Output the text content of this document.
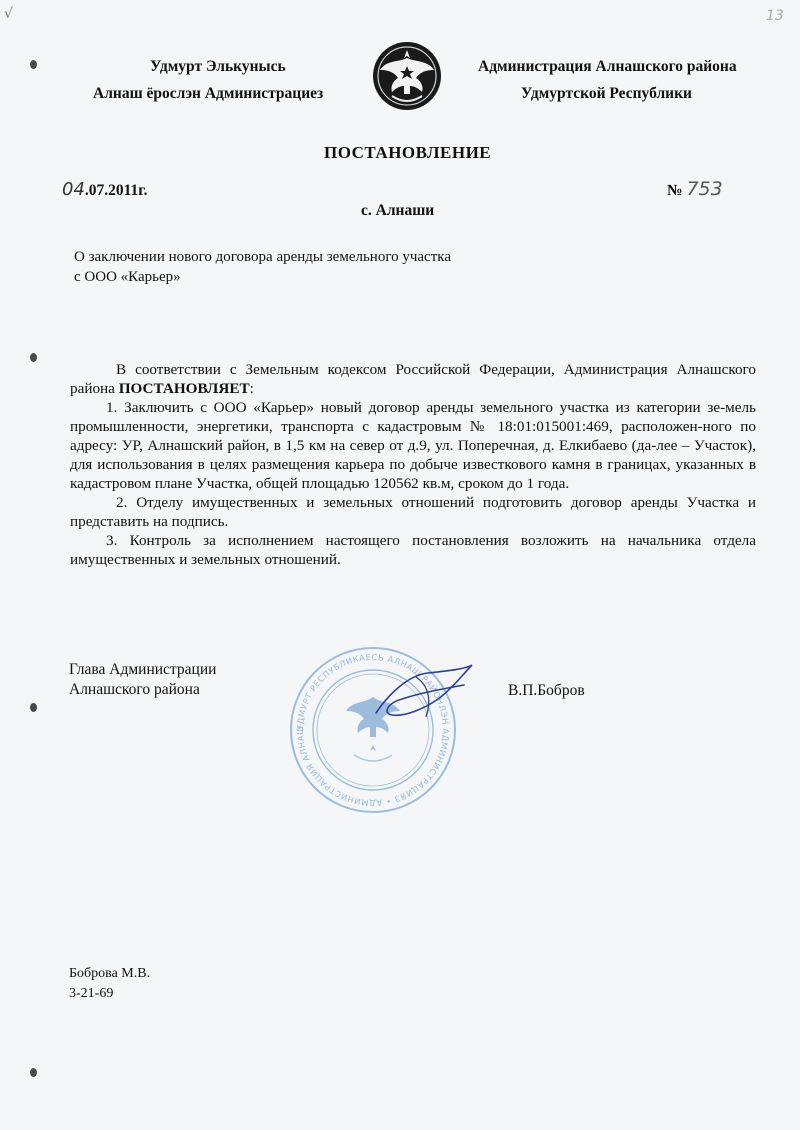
√	13
Удмурт Элькунысь
Алнаш ёрослэн Администрациез
Администрация Алнашского района
Удмуртской Республики
ПОСТАНОВЛЕНИЕ
04.07.2011г.	№ 753
с. Алнаши
О заключении нового договора аренды земельного участка с ООО «Карьер»

В соответствии с Земельным кодексом Российской Федерации, Администрация Алнашского района ПОСТАНОВЛЯЕТ:

1. Заключить с ООО «Карьер» новый договор аренды земельного участка из категории зе-мель промышленности, энергетики, транспорта с кадастровым № 18:01:015001:469, расположен-ного по адресу: УР, Алнашский район, в 1,5 км на север от д.9, ул. Поперечная, д. Елкибаево (да-лее – Участок), для использования в целях размещения карьера по добыче известкового камня в границах, указанных в кадастровом плане Участка, общей площадью 120562 кв.м, сроком до 1 года.

2. Отделу имущественных и земельных отношений подготовить договор аренды Участка и представить на подпись.

3. Контроль за исполнением настоящего постановления возложить на начальника отдела имущественных и земельных отношений.

Глава Администрации
Алнашского района	В.П.Бобров
УДМУРТ РЕСПУБЛИКАЕСЬ АЛНАШ РАЙОНЛЭН АДМИНИСТРАЦИЯЗ • АДМИНИСТРАЦИЯ АЛНАШ
Боброва М.В.
3-21-69
